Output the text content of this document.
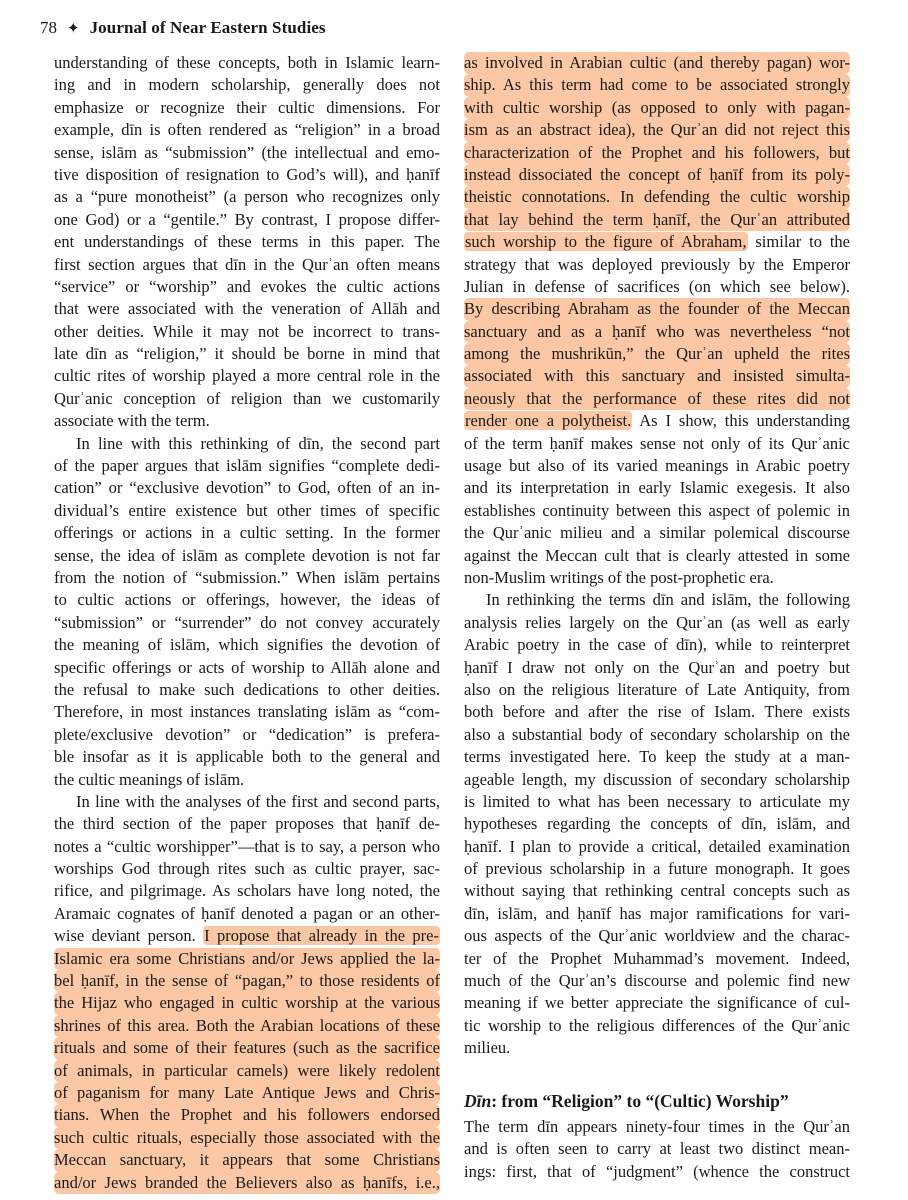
78 ✦ Journal of Near Eastern Studies
understanding of these concepts, both in Islamic learn-
ing and in modern scholarship, generally does not
emphasize or recognize their cultic dimensions. For
example, dīn is often rendered as “religion” in a broad
sense, islām as “submission” (the intellectual and emo-
tive disposition of resignation to God’s will), and ḥanīf
as a “pure monotheist” (a person who recognizes only
one God) or a “gentile.” By contrast, I propose differ-
ent understandings of these terms in this paper. The
first section argues that dīn in the Qurʾan often means
“service” or “worship” and evokes the cultic actions
that were associated with the veneration of Allāh and
other deities. While it may not be incorrect to trans-
late dīn as “religion,” it should be borne in mind that
cultic rites of worship played a more central role in the
Qurʾanic conception of religion than we customarily
associate with the term.
In line with this rethinking of dīn, the second part
of the paper argues that islām signifies “complete dedi-
cation” or “exclusive devotion” to God, often of an in-
dividual’s entire existence but other times of specific
offerings or actions in a cultic setting. In the former
sense, the idea of islām as complete devotion is not far
from the notion of “submission.” When islām pertains
to cultic actions or offerings, however, the ideas of
“submission” or “surrender” do not convey accurately
the meaning of islām, which signifies the devotion of
specific offerings or acts of worship to Allāh alone and
the refusal to make such dedications to other deities.
Therefore, in most instances translating islām as “com-
plete/exclusive devotion” or “dedication” is prefera-
ble insofar as it is applicable both to the general and
the cultic meanings of islām.
In line with the analyses of the first and second parts,
the third section of the paper proposes that ḥanīf de-
notes a “cultic worshipper”—that is to say, a person who
worships God through rites such as cultic prayer, sac-
rifice, and pilgrimage. As scholars have long noted, the
Aramaic cognates of ḥanīf denoted a pagan or an other-
wise deviant person. I propose that already in the pre-
Islamic era some Christians and/or Jews applied the la-
bel ḥanīf, in the sense of “pagan,” to those residents of
the Hijaz who engaged in cultic worship at the various
shrines of this area. Both the Arabian locations of these
rituals and some of their features (such as the sacrifice
of animals, in particular camels) were likely redolent
of paganism for many Late Antique Jews and Chris-
tians. When the Prophet and his followers endorsed
such cultic rituals, especially those associated with the
Meccan sanctuary, it appears that some Christians
and/or Jews branded the Believers also as ḥanīfs, i.e.,
as involved in Arabian cultic (and thereby pagan) wor-
ship. As this term had come to be associated strongly
with cultic worship (as opposed to only with pagan-
ism as an abstract idea), the Qurʾan did not reject this
characterization of the Prophet and his followers, but
instead dissociated the concept of ḥanīf from its poly-
theistic connotations. In defending the cultic worship
that lay behind the term ḥanīf, the Qurʾan attributed
such worship to the figure of Abraham, similar to the
strategy that was deployed previously by the Emperor
Julian in defense of sacrifices (on which see below).
By describing Abraham as the founder of the Meccan
sanctuary and as a ḥanīf who was nevertheless “not
among the mushrikūn,” the Qurʾan upheld the rites
associated with this sanctuary and insisted simulta-
neously that the performance of these rites did not
render one a polytheist. As I show, this understanding
of the term ḥanīf makes sense not only of its Qurʾanic
usage but also of its varied meanings in Arabic poetry
and its interpretation in early Islamic exegesis. It also
establishes continuity between this aspect of polemic in
the Qurʾanic milieu and a similar polemical discourse
against the Meccan cult that is clearly attested in some
non-Muslim writings of the post-prophetic era.
In rethinking the terms dīn and islām, the following
analysis relies largely on the Qurʾan (as well as early
Arabic poetry in the case of dīn), while to reinterpret
ḥanīf I draw not only on the Qurʾan and poetry but
also on the religious literature of Late Antiquity, from
both before and after the rise of Islam. There exists
also a substantial body of secondary scholarship on the
terms investigated here. To keep the study at a man-
ageable length, my discussion of secondary scholarship
is limited to what has been necessary to articulate my
hypotheses regarding the concepts of dīn, islām, and
ḥanīf. I plan to provide a critical, detailed examination
of previous scholarship in a future monograph. It goes
without saying that rethinking central concepts such as
dīn, islām, and ḥanīf has major ramifications for vari-
ous aspects of the Qurʾanic worldview and the charac-
ter of the Prophet Muhammad’s movement. Indeed,
much of the Qurʾan’s discourse and polemic find new
meaning if we better appreciate the significance of cul-
tic worship to the religious differences of the Qurʾanic
milieu.
Dīn: from “Religion” to “(Cultic) Worship”
The term dīn appears ninety-four times in the Qurʾan
and is often seen to carry at least two distinct mean-
ings: first, that of “judgment” (whence the construct
